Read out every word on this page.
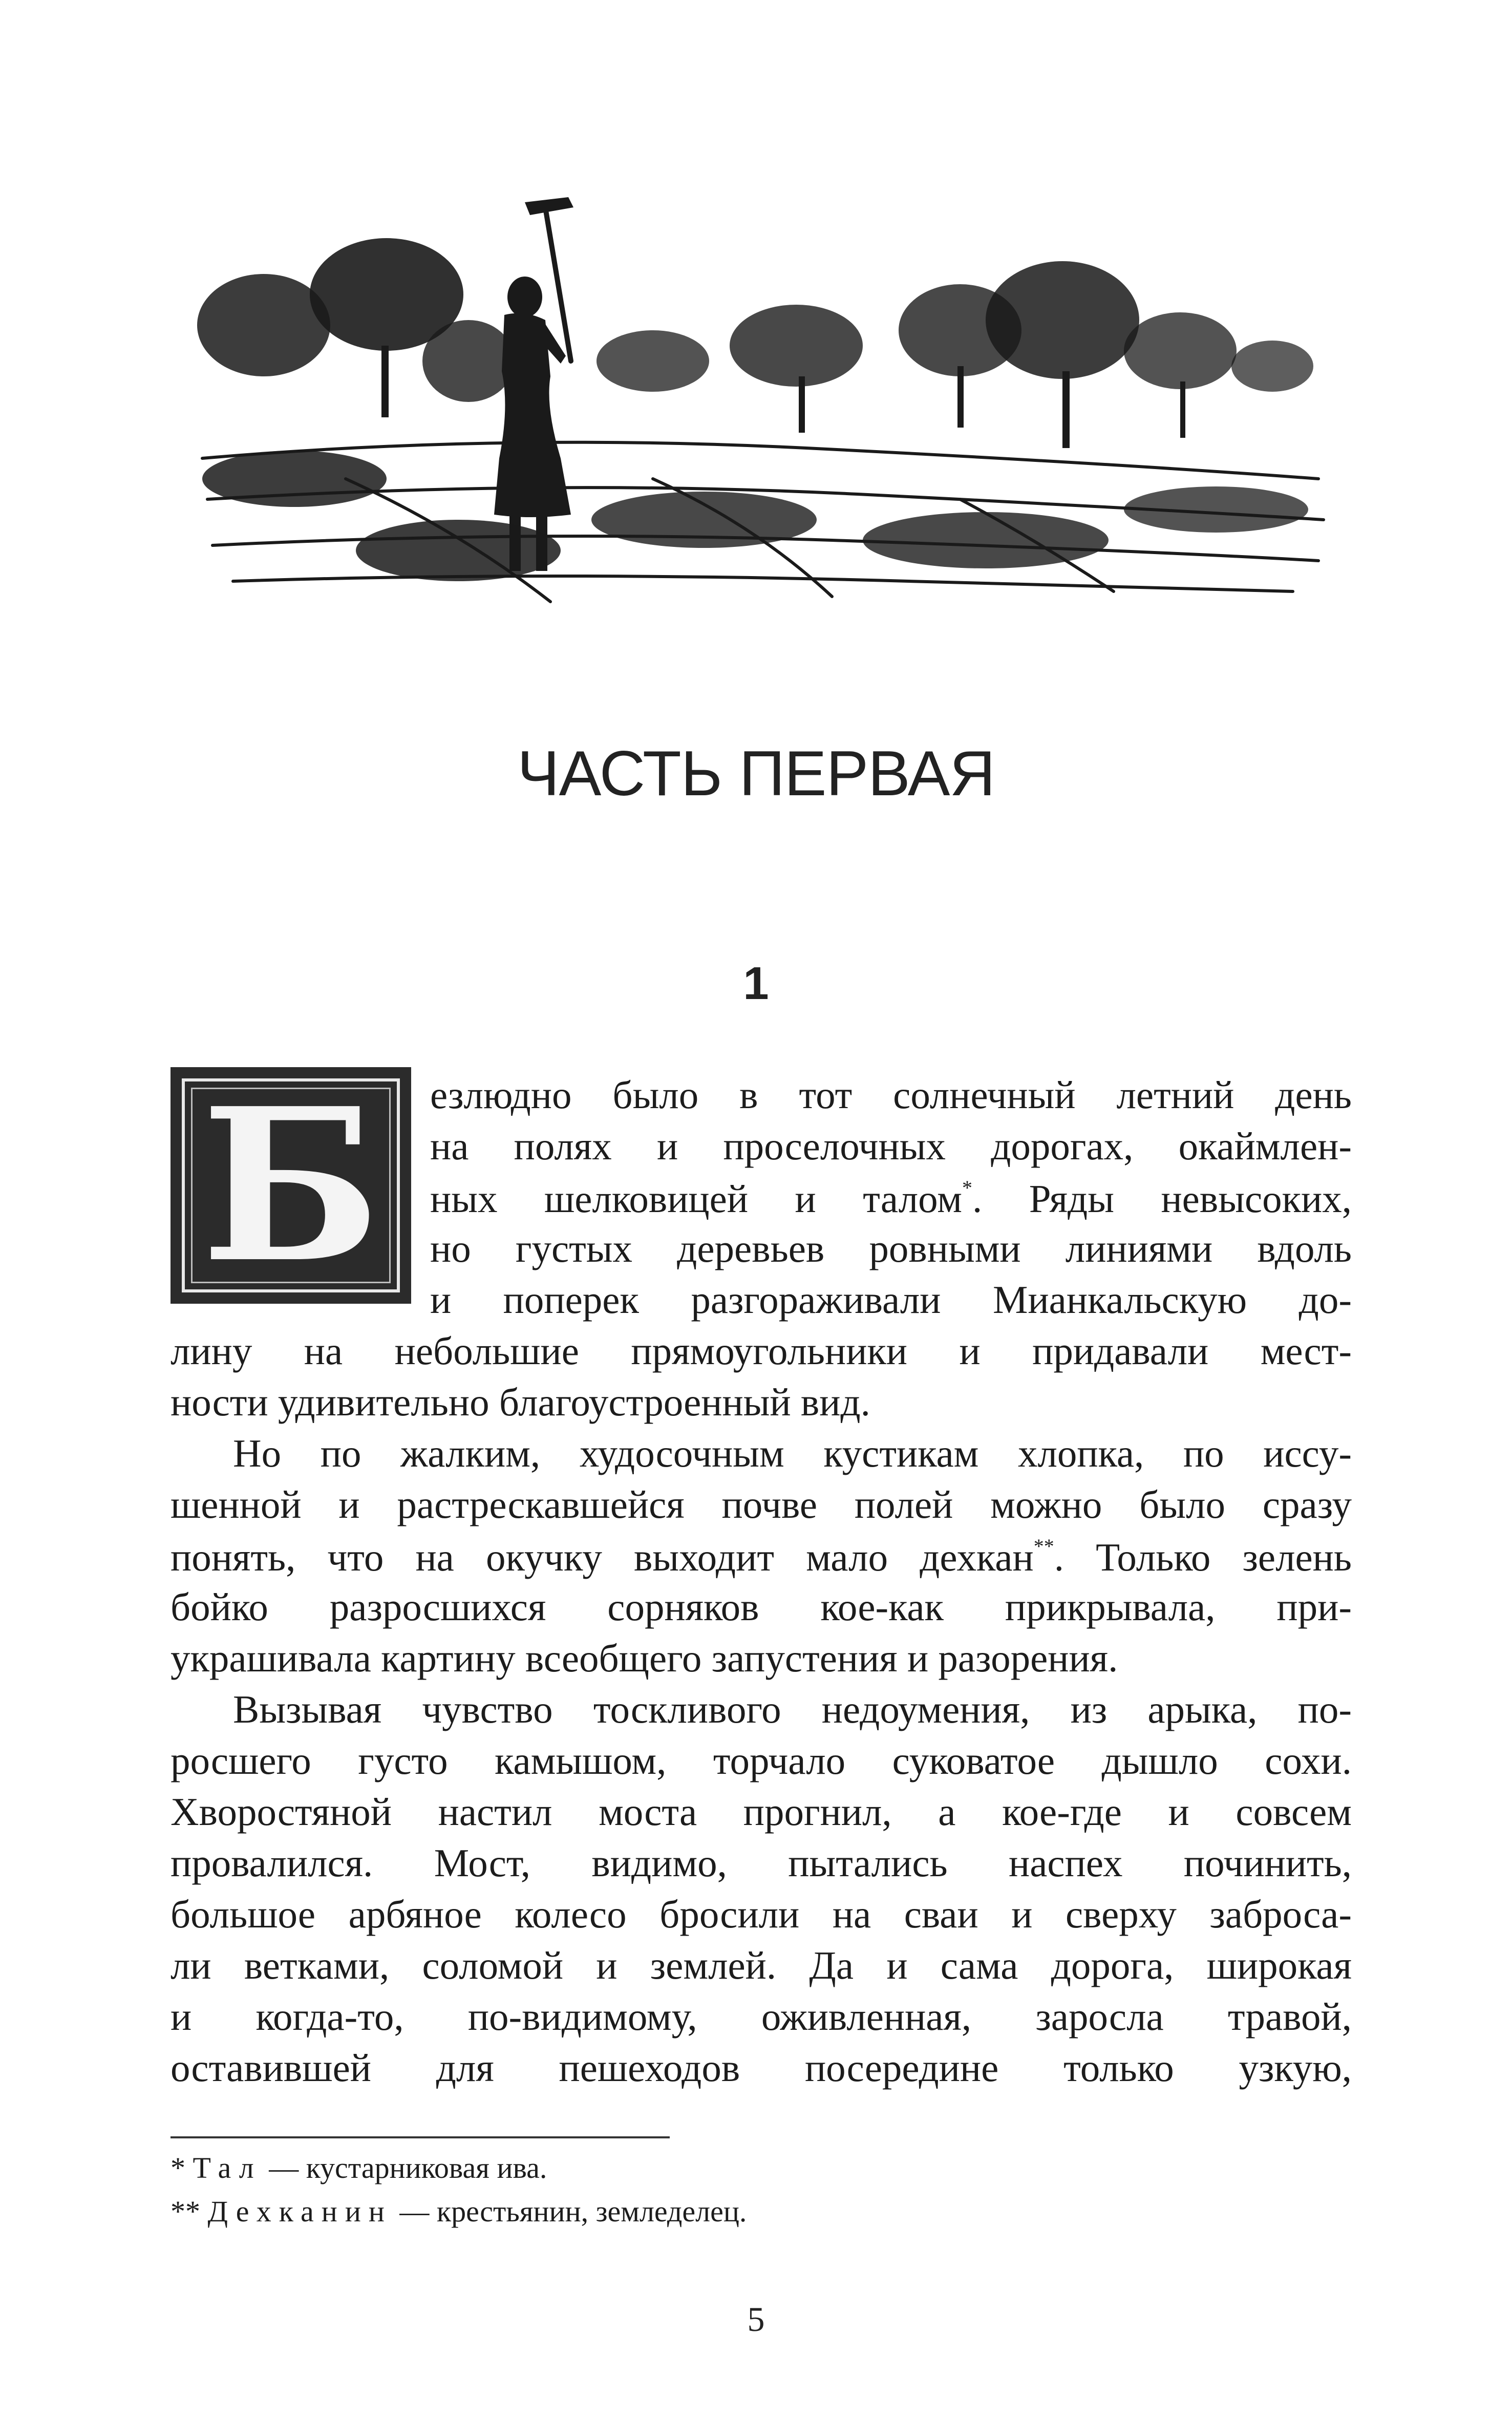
ЧАСТЬ ПЕРВАЯ
1
Б	езлюдно было в тот солнечный летний день
на полях и проселочных дорогах, окаймлен-
ных шелковицей и талом*. Ряды невысоких,
но густых деревьев ровными линиями вдоль
и поперек разгораживали Мианкальскую до-
лину на небольшие прямоугольники и придавали мест-
ности удивительно благоустроенный вид.
Но по жалким, худосочным кустикам хлопка, по иссу-
шенной и растрескавшейся почве полей можно было сразу
понять, что на окучку выходит мало дехкан**. Только зелень
бойко разросшихся сорняков кое-как прикрывала, при-
украшивала картину всеобщего запустения и разорения.
Вызывая чувство тоскливого недоумения, из арыка, по-
росшего густо камышом, торчало суковатое дышло сохи.
Хворостяной настил моста прогнил, а кое-где и совсем
провалился. Мост, видимо, пытались наспех починить,
большое арбяное колесо бросили на сваи и сверху заброса-
ли ветками, соломой и землей. Да и сама дорога, широкая
и когда-то, по-видимому, оживленная, заросла травой,
оставившей для пешеходов посередине только узкую,
* Тал — кустарниковая ива.
** Дехканин — крестьянин, земледелец.
5
